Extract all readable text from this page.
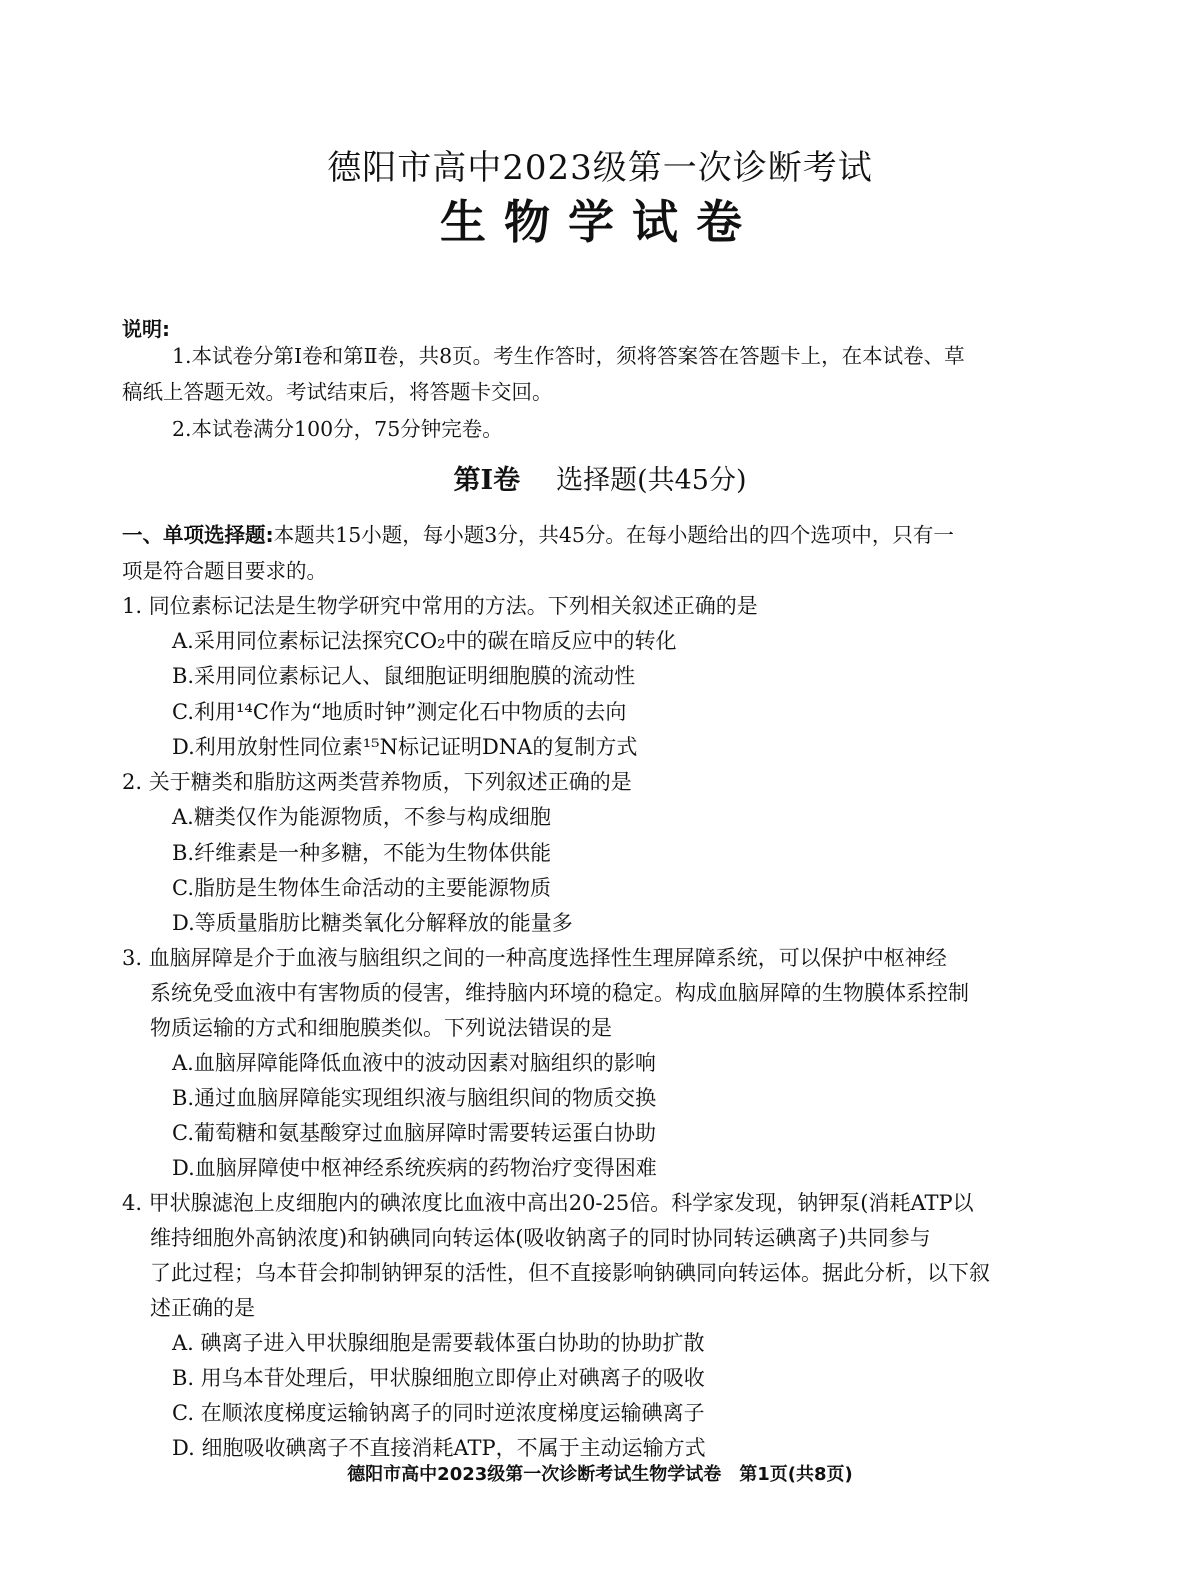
德阳市高中2023级第一次诊断考试
生物学试卷
说明:
1.本试卷分第Ⅰ卷和第Ⅱ卷，共8页。考生作答时，须将答案答在答题卡上，在本试卷、草
稿纸上答题无效。考试结束后，将答题卡交回。
2.本试卷满分100分，75分钟完卷。
第Ⅰ卷 选择题(共45分)
一、单项选择题:本题共15小题，每小题3分，共45分。在每小题给出的四个选项中，只有一
项是符合题目要求的。
1. 同位素标记法是生物学研究中常用的方法。下列相关叙述正确的是
A.采用同位素标记法探究CO₂中的碳在暗反应中的转化
B.采用同位素标记人、鼠细胞证明细胞膜的流动性
C.利用¹⁴C作为“地质时钟”测定化石中物质的去向
D.利用放射性同位素¹⁵N标记证明DNA的复制方式
2. 关于糖类和脂肪这两类营养物质，下列叙述正确的是
A.糖类仅作为能源物质，不参与构成细胞
B.纤维素是一种多糖，不能为生物体供能
C.脂肪是生物体生命活动的主要能源物质
D.等质量脂肪比糖类氧化分解释放的能量多
3. 血脑屏障是介于血液与脑组织之间的一种高度选择性生理屏障系统，可以保护中枢神经
系统免受血液中有害物质的侵害，维持脑内环境的稳定。构成血脑屏障的生物膜体系控制
物质运输的方式和细胞膜类似。下列说法错误的是
A.血脑屏障能降低血液中的波动因素对脑组织的影响
B.通过血脑屏障能实现组织液与脑组织间的物质交换
C.葡萄糖和氨基酸穿过血脑屏障时需要转运蛋白协助
D.血脑屏障使中枢神经系统疾病的药物治疗变得困难
4. 甲状腺滤泡上皮细胞内的碘浓度比血液中高出20-25倍。科学家发现，钠钾泵(消耗ATP以
维持细胞外高钠浓度)和钠碘同向转运体(吸收钠离子的同时协同转运碘离子)共同参与
了此过程；乌本苷会抑制钠钾泵的活性，但不直接影响钠碘同向转运体。据此分析，以下叙
述正确的是
A. 碘离子进入甲状腺细胞是需要载体蛋白协助的协助扩散
B. 用乌本苷处理后，甲状腺细胞立即停止对碘离子的吸收
C. 在顺浓度梯度运输钠离子的同时逆浓度梯度运输碘离子
D. 细胞吸收碘离子不直接消耗ATP，不属于主动运输方式
德阳市高中2023级第一次诊断考试生物学试卷　第1页(共8页)
